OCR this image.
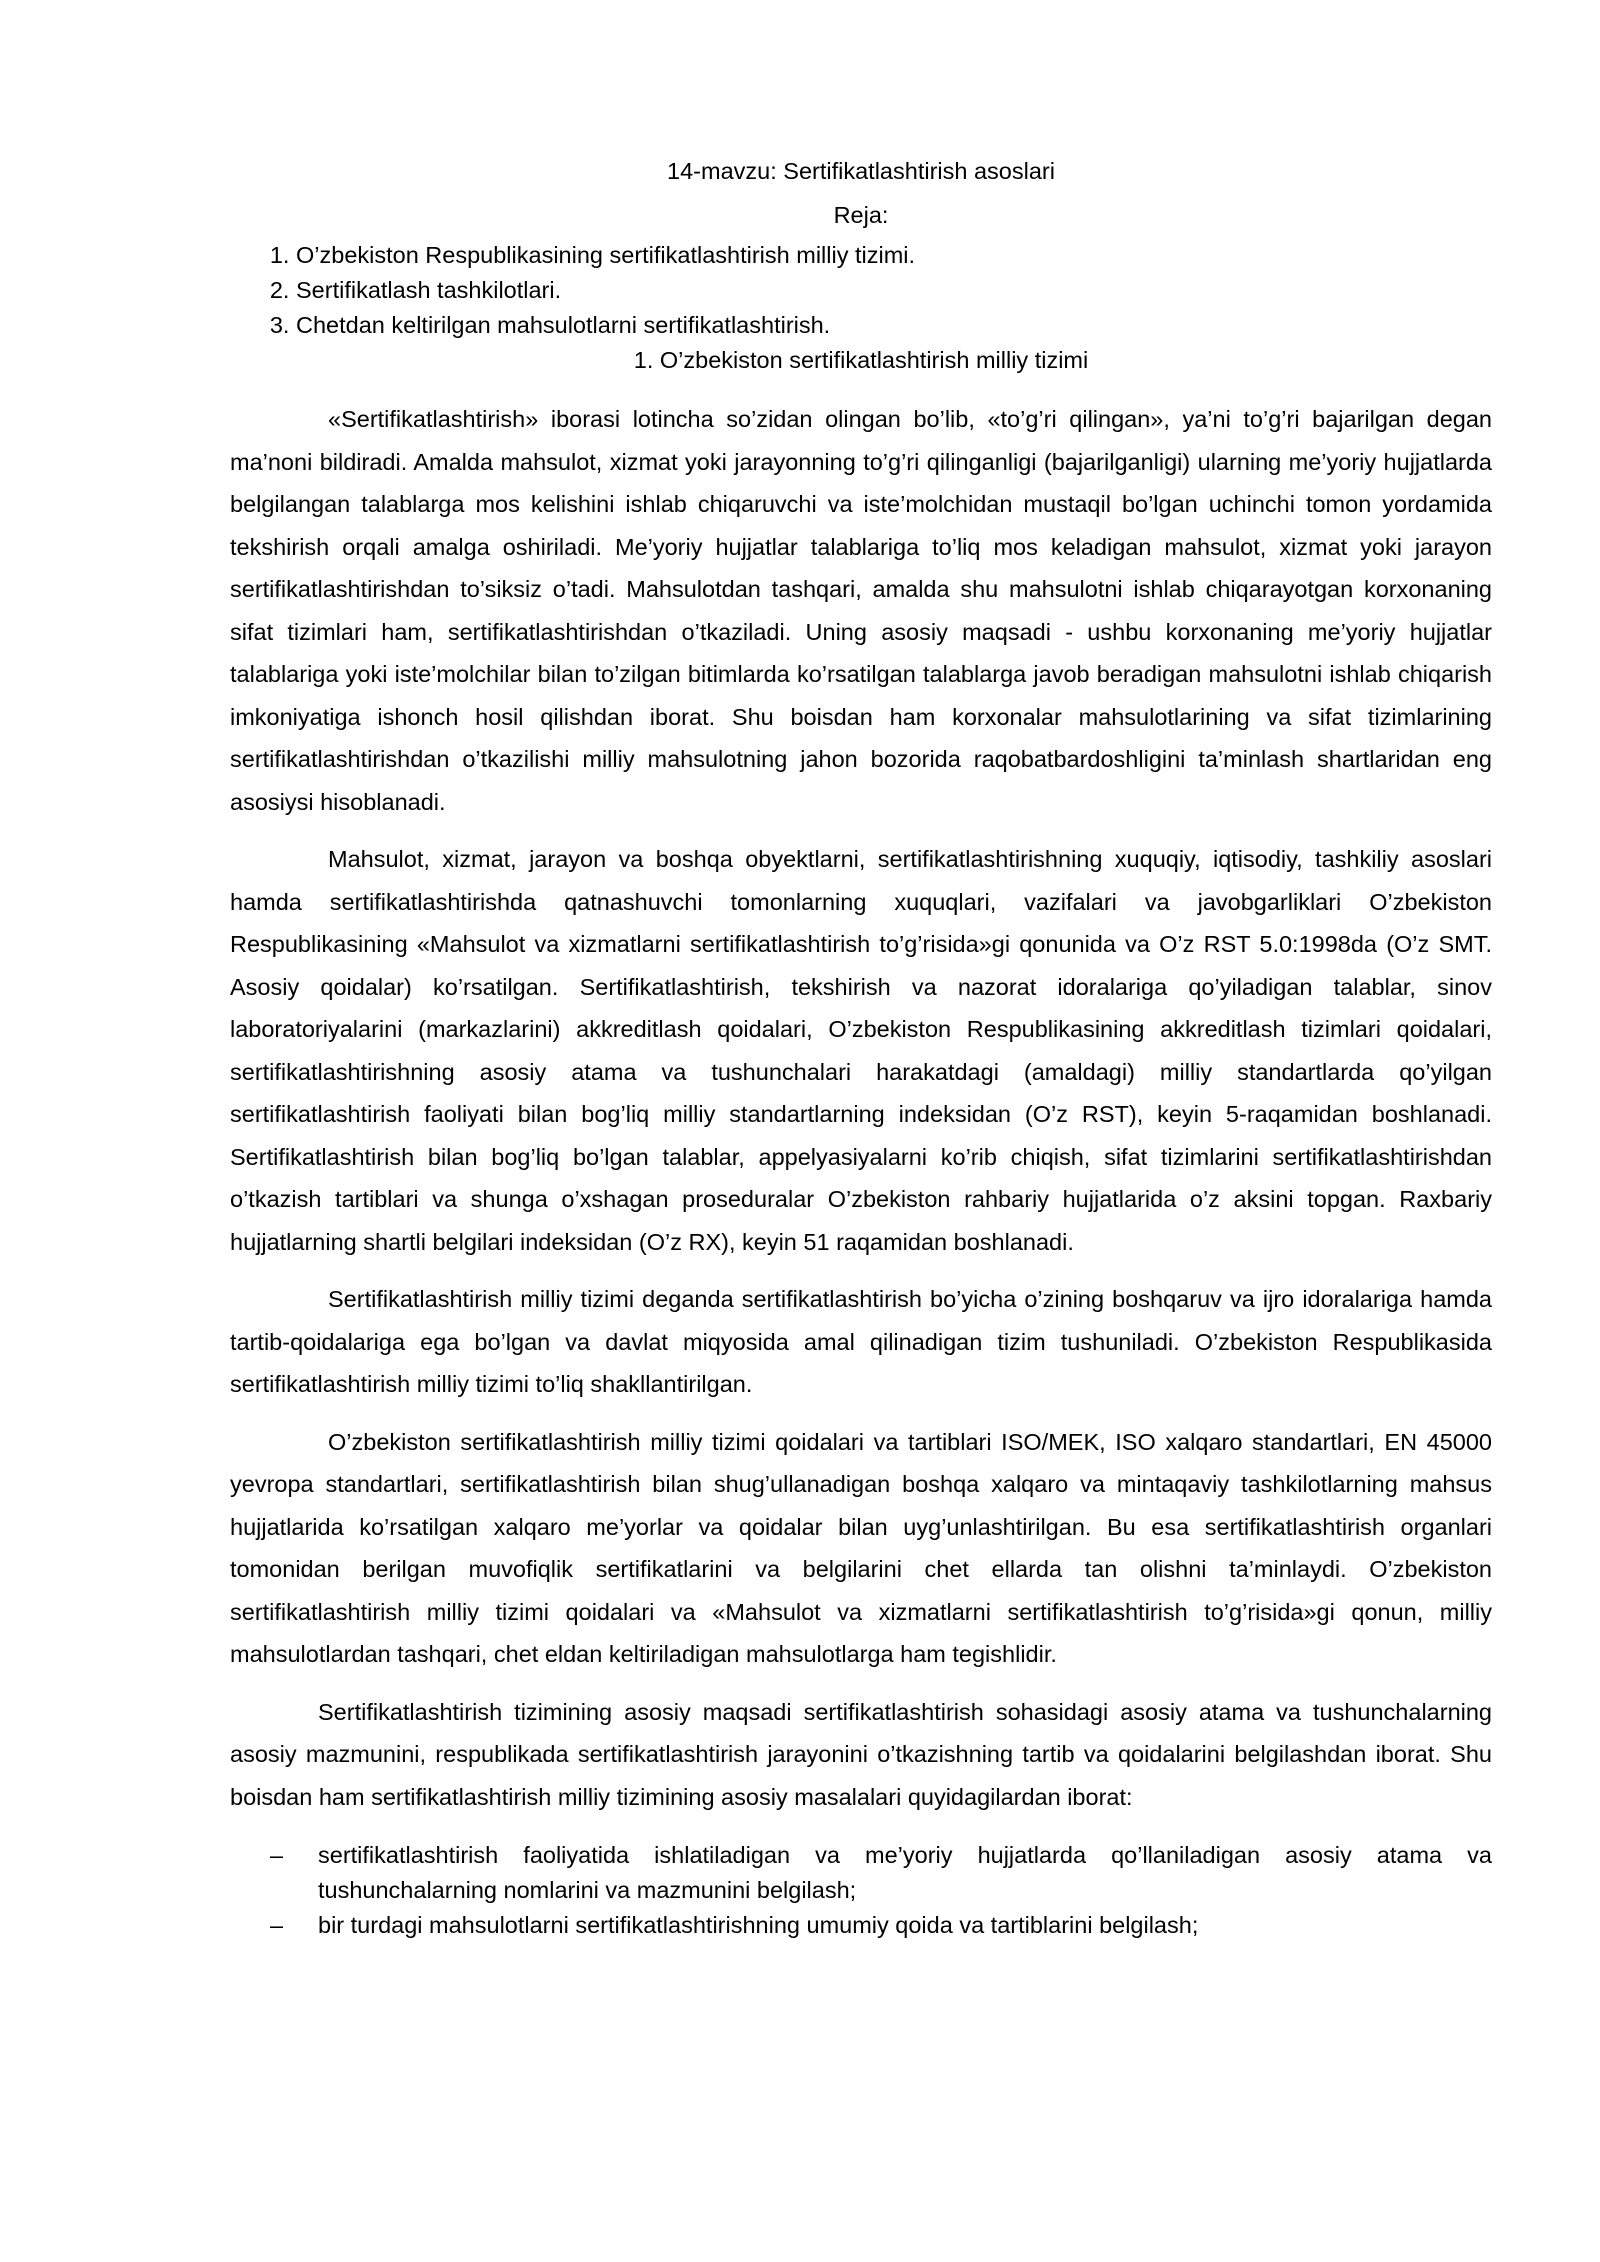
14-mavzu: Sertifikatlashtirish asoslari

Reja:

1. O’zbekiston Respublikasining sertifikatlashtirish milliy tizimi.
2. Sertifikatlash tashkilotlari.
3. Chetdan keltirilgan mahsulotlarni sertifikatlashtirish.

1. O’zbekiston sertifikatlashtirish milliy tizimi

«Sertifikatlashtirish» iborasi lotincha so’zidan olingan bo’lib, «to’g’ri qilingan», ya’ni to’g’ri bajarilgan degan ma’noni bildiradi. Amalda mahsulot, xizmat yoki jarayonning to’g’ri qilinganligi (bajarilganligi) ularning me’yoriy hujjatlarda belgilangan talablarga mos kelishini ishlab chiqaruvchi va iste’molchidan mustaqil bo’lgan uchinchi tomon yordamida tekshirish orqali amalga oshiriladi. Me’yoriy hujjatlar talablariga to’liq mos keladigan mahsulot, xizmat yoki jarayon sertifikatlashtirishdan to’siksiz o’tadi. Mahsulotdan tashqari, amalda shu mahsulotni ishlab chiqarayotgan korxonaning sifat tizimlari ham, sertifikatlashtirishdan o’tkaziladi. Uning asosiy maqsadi - ushbu korxonaning me’yoriy hujjatlar talablariga yoki iste’molchilar bilan to’zilgan bitimlarda ko’rsatilgan talablarga javob beradigan mahsulotni ishlab chiqarish imkoniyatiga ishonch hosil qilishdan iborat. Shu boisdan ham korxonalar mahsulotlarining va sifat tizimlarining sertifikatlashtirishdan o’tkazilishi milliy mahsulotning jahon bozorida raqobatbardoshligini ta’minlash shartlaridan eng asosiysi hisoblanadi.

Mahsulot, xizmat, jarayon va boshqa obyektlarni, sertifikatlashtirishning xuquqiy, iqtisodiy, tashkiliy asoslari hamda sertifikatlashtirishda qatnashuvchi tomonlarning xuquqlari, vazifalari va javobgarliklari O’zbekiston Respublikasining «Mahsulot va xizmatlarni sertifikatlashtirish to’g’risida»gi qonunida va O’z RST 5.0:1998da (O’z SMT. Asosiy qoidalar) ko’rsatilgan. Sertifikatlashtirish, tekshirish va nazorat idoralariga qo’yiladigan talablar, sinov laboratoriyalarini (markazlarini) akkreditlash qoidalari, O’zbekiston Respublikasining akkreditlash tizimlari qoidalari, sertifikatlashtirishning asosiy atama va tushunchalari harakatdagi (amaldagi) milliy standartlarda qo’yilgan sertifikatlashtirish faoliyati bilan bog’liq milliy standartlarning indeksidan (O’z RST), keyin 5-raqamidan boshlanadi. Sertifikatlashtirish bilan bog’liq bo’lgan talablar, appelyasiyalarni ko’rib chiqish, sifat tizimlarini sertifikatlashtirishdan o’tkazish tartiblari va shunga o’xshagan proseduralar O’zbekiston rahbariy hujjatlarida o’z aksini topgan. Raxbariy hujjatlarning shartli belgilari indeksidan (O’z RX), keyin 51 raqamidan boshlanadi.

Sertifikatlashtirish milliy tizimi deganda sertifikatlashtirish bo’yicha o’zining boshqaruv va ijro idoralariga hamda tartib-qoidalariga ega bo’lgan va davlat miqyosida amal qilinadigan tizim tushuniladi. O’zbekiston Respublikasida sertifikatlashtirish milliy tizimi to’liq shakllantirilgan.

O’zbekiston sertifikatlashtirish milliy tizimi qoidalari va tartiblari ISO/MEK, ISO xalqaro standartlari, EN 45000 yevropa standartlari, sertifikatlashtirish bilan shug’ullanadigan boshqa xalqaro va mintaqaviy tashkilotlarning mahsus hujjatlarida ko’rsatilgan xalqaro me’yorlar va qoidalar bilan uyg’unlashtirilgan. Bu esa sertifikatlashtirish organlari tomonidan berilgan muvofiqlik sertifikatlarini va belgilarini chet ellarda tan olishni ta’minlaydi. O’zbekiston sertifikatlashtirish milliy tizimi qoidalari va «Mahsulot va xizmatlarni sertifikatlashtirish to’g’risida»gi qonun, milliy mahsulotlardan tashqari, chet eldan keltiriladigan mahsulotlarga ham tegishlidir.

Sertifikatlashtirish tizimining asosiy maqsadi sertifikatlashtirish sohasidagi asosiy atama va tushunchalarning asosiy mazmunini, respublikada sertifikatlashtirish jarayonini o’tkazishning tartib va qoidalarini belgilashdan iborat. Shu boisdan ham sertifikatlashtirish milliy tizimining asosiy masalalari quyidagilardan iborat:

– sertifikatlashtirish faoliyatida ishlatiladigan va me’yoriy hujjatlarda qo’llaniladigan asosiy atama va tushunchalarning nomlarini va mazmunini belgilash;
– bir turdagi mahsulotlarni sertifikatlashtirishning umumiy qoida va tartiblarini belgilash;
